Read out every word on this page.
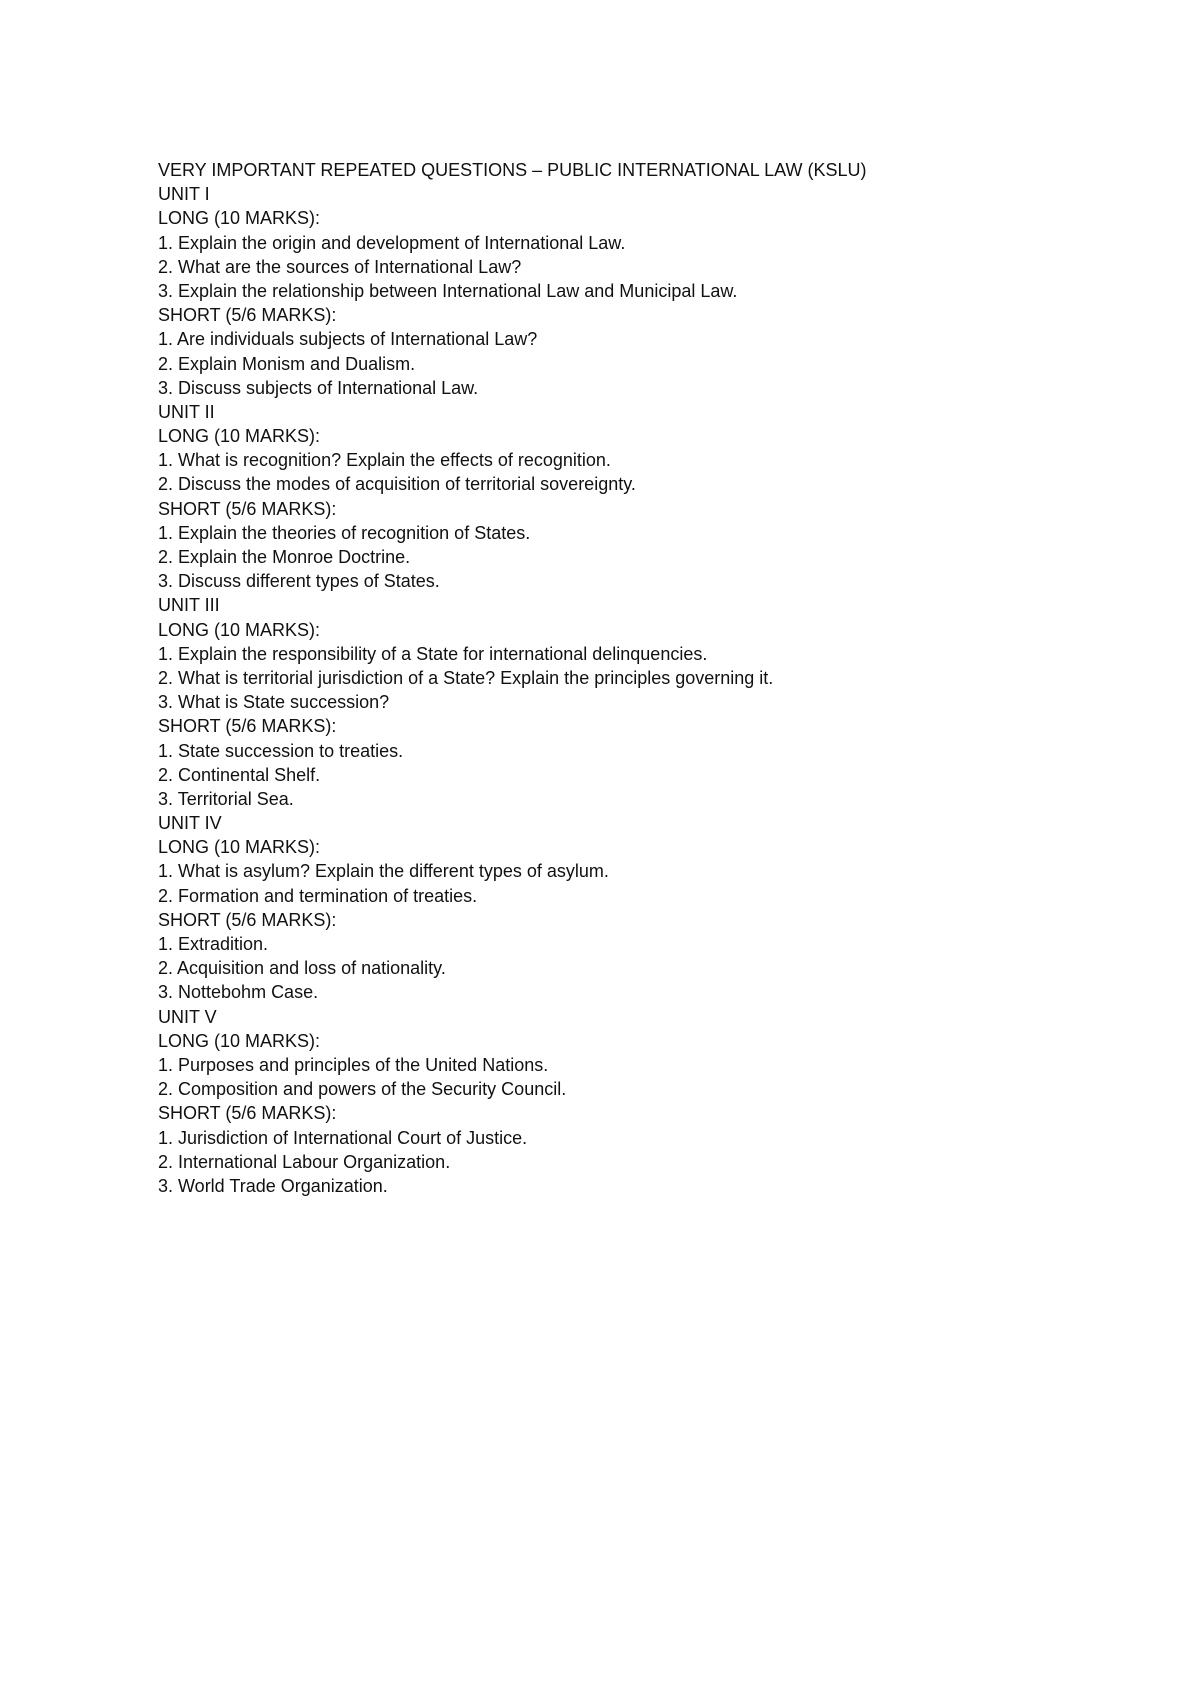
VERY IMPORTANT REPEATED QUESTIONS – PUBLIC INTERNATIONAL LAW (KSLU)
UNIT I
LONG (10 MARKS):
1. Explain the origin and development of International Law.
2. What are the sources of International Law?
3. Explain the relationship between International Law and Municipal Law.
SHORT (5/6 MARKS):
1. Are individuals subjects of International Law?
2. Explain Monism and Dualism.
3. Discuss subjects of International Law.
UNIT II
LONG (10 MARKS):
1. What is recognition? Explain the effects of recognition.
2. Discuss the modes of acquisition of territorial sovereignty.
SHORT (5/6 MARKS):
1. Explain the theories of recognition of States.
2. Explain the Monroe Doctrine.
3. Discuss different types of States.
UNIT III
LONG (10 MARKS):
1. Explain the responsibility of a State for international delinquencies.
2. What is territorial jurisdiction of a State? Explain the principles governing it.
3. What is State succession?
SHORT (5/6 MARKS):
1. State succession to treaties.
2. Continental Shelf.
3. Territorial Sea.
UNIT IV
LONG (10 MARKS):
1. What is asylum? Explain the different types of asylum.
2. Formation and termination of treaties.
SHORT (5/6 MARKS):
1. Extradition.
2. Acquisition and loss of nationality.
3. Nottebohm Case.
UNIT V
LONG (10 MARKS):
1. Purposes and principles of the United Nations.
2. Composition and powers of the Security Council.
SHORT (5/6 MARKS):
1. Jurisdiction of International Court of Justice.
2. International Labour Organization.
3. World Trade Organization.
